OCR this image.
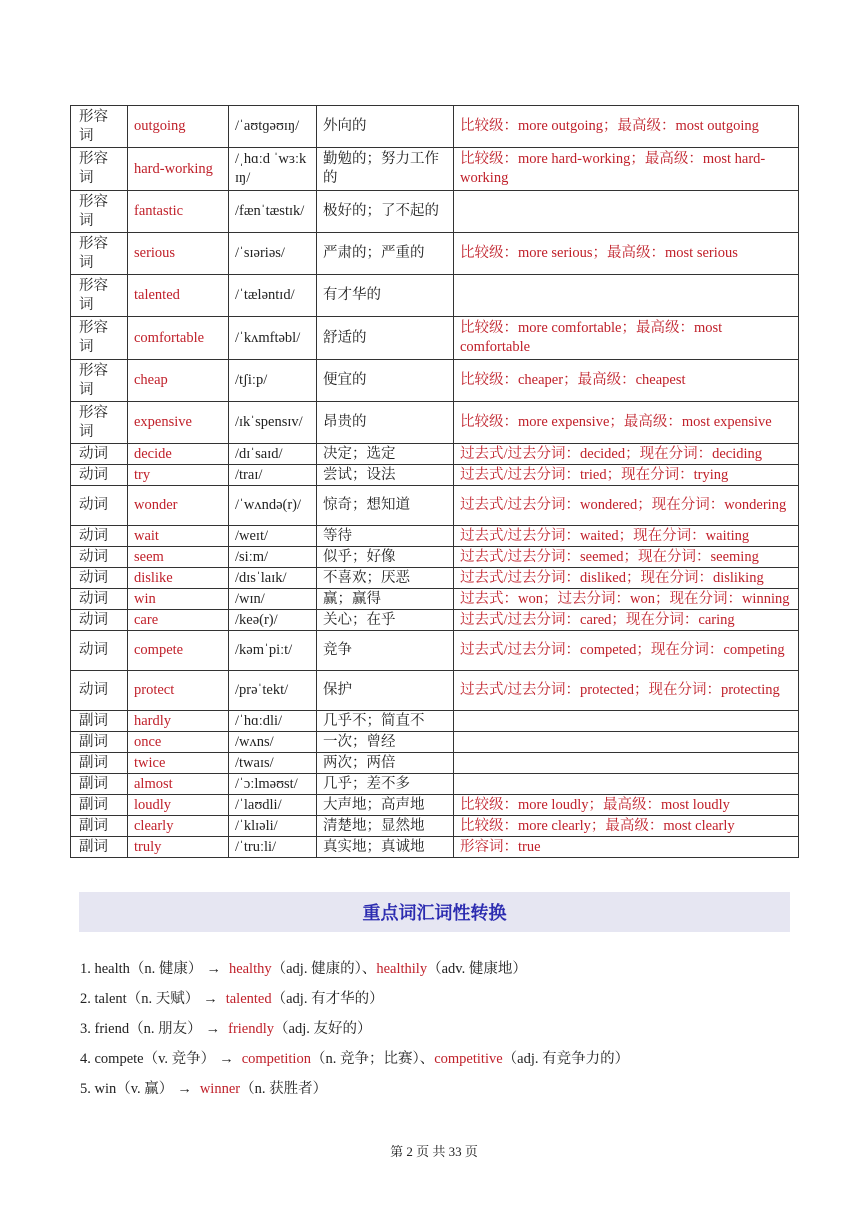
形容词	outgoing	/ˈaʊtɡəʊɪŋ/	外向的	比较级：more outgoing；最高级：most outgoing
形容词	hard-working	/ˌhɑːd ˈwɜːkɪŋ/	勤勉的；努力工作的	比较级：more hard-working；最高级：most hard-working
形容词	fantastic	/fænˈtæstɪk/	极好的；了不起的	
形容词	serious	/ˈsɪəriəs/	严肃的；严重的	比较级：more serious；最高级：most serious
形容词	talented	/ˈtæləntɪd/	有才华的	
形容词	comfortable	/ˈkʌmftəbl/	舒适的	比较级：more comfortable；最高级：most comfortable
形容词	cheap	/tʃiːp/	便宜的	比较级：cheaper；最高级：cheapest
形容词	expensive	/ɪkˈspensɪv/	昂贵的	比较级：more expensive；最高级：most expensive
动词	decide	/dɪˈsaɪd/	决定；选定	过去式/过去分词：decided；现在分词：deciding
动词	try	/traɪ/	尝试；设法	过去式/过去分词：tried；现在分词：trying
动词	wonder	/ˈwʌndə(r)/	惊奇；想知道	过去式/过去分词：wondered；现在分词：wondering
动词	wait	/weɪt/	等待	过去式/过去分词：waited；现在分词：waiting
动词	seem	/siːm/	似乎；好像	过去式/过去分词：seemed；现在分词：seeming
动词	dislike	/dɪsˈlaɪk/	不喜欢；厌恶	过去式/过去分词：disliked；现在分词：disliking
动词	win	/wɪn/	赢；赢得	过去式：won；过去分词：won；现在分词：winning
动词	care	/keə(r)/	关心；在乎	过去式/过去分词：cared；现在分词：caring
动词	compete	/kəmˈpiːt/	竞争	过去式/过去分词：competed；现在分词：competing
动词	protect	/prəˈtekt/	保护	过去式/过去分词：protected；现在分词：protecting
副词	hardly	/ˈhɑːdli/	几乎不；简直不	
副词	once	/wʌns/	一次；曾经	
副词	twice	/twaɪs/	两次；两倍	
副词	almost	/ˈɔːlməʊst/	几乎；差不多	
副词	loudly	/ˈlaʊdli/	大声地；高声地	比较级：more loudly；最高级：most loudly
副词	clearly	/ˈklɪəli/	清楚地；显然地	比较级：more clearly；最高级：most clearly
副词	truly	/ˈtruːli/	真实地；真诚地	形容词：true
重点词汇词性转换
1. health（n. 健康） → healthy（adj. 健康的）、healthily（adv. 健康地）
2. talent（n. 天赋） → talented（adj. 有才华的）
3. friend（n. 朋友） → friendly（adj. 友好的）
4. compete（v. 竞争） → competition（n. 竞争；比赛）、competitive（adj. 有竞争力的）
5. win（v. 赢） → winner（n. 获胜者）
第 2 页 共 33 页
